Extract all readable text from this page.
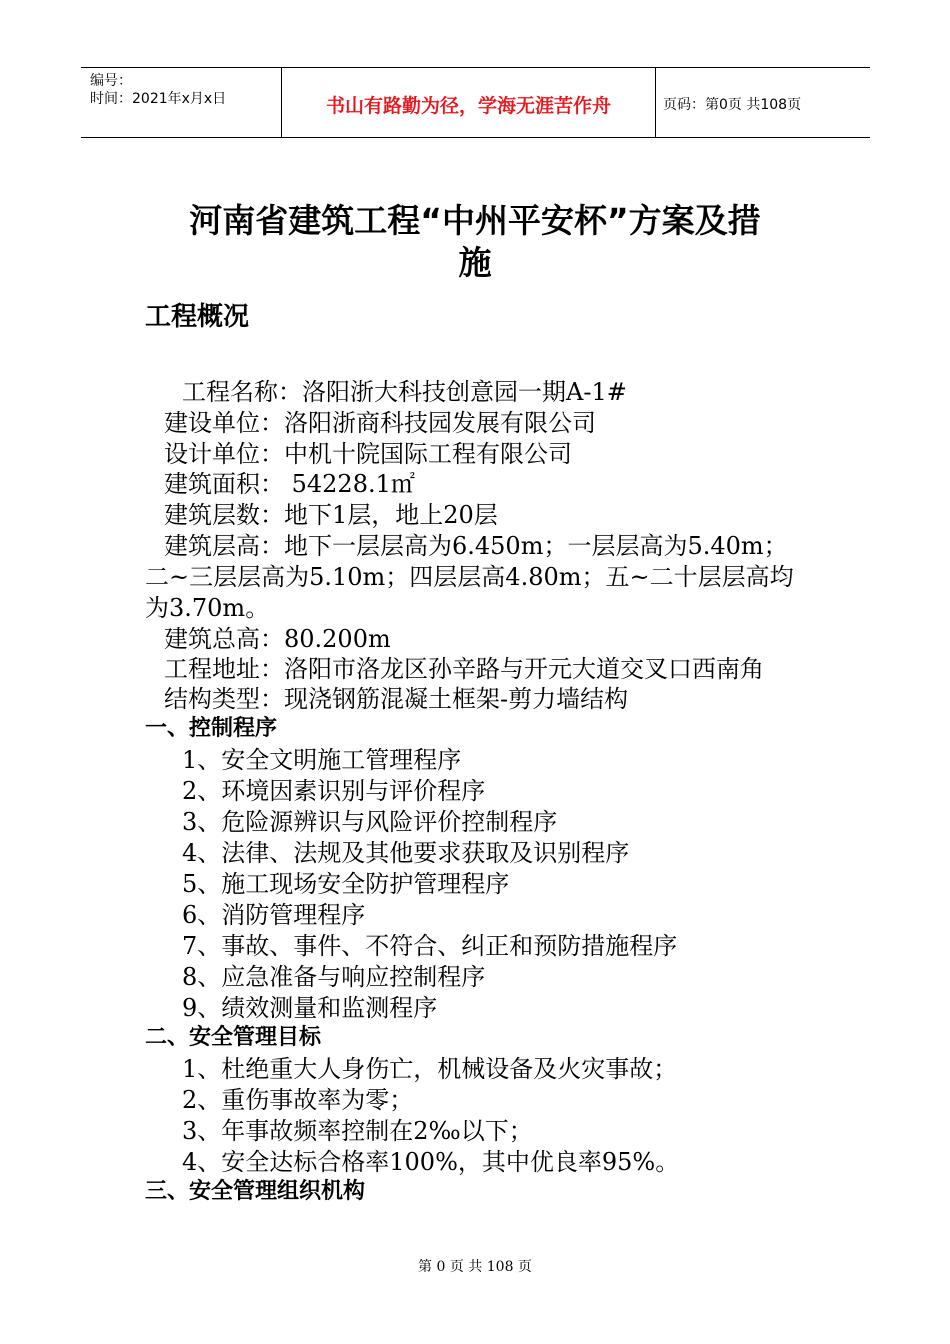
编号：
时间：2021年x月x日	书山有路勤为径，学海无涯苦作舟	页码：第0页 共108页
河南省建筑工程“中州平安杯”方案及措
施
工程概况
工程名称：洛阳浙大科技创意园一期A-1#
建设单位：洛阳浙商科技园发展有限公司
设计单位：中机十院国际工程有限公司
建筑面积： 54228.1㎡
建筑层数：地下1层，地上20层
建筑层高：地下一层层高为6.450m；一层层高为5.40m；
二~三层层高为5.10m；四层层高4.80m；五~二十层层高均
为3.70m。
建筑总高：80.200m
工程地址：洛阳市洛龙区孙辛路与开元大道交叉口西南角
结构类型：现浇钢筋混凝土框架-剪力墙结构
一、控制程序
1、安全文明施工管理程序
2、环境因素识别与评价程序
3、危险源辨识与风险评价控制程序
4、法律、法规及其他要求获取及识别程序
5、施工现场安全防护管理程序
6、消防管理程序
7、事故、事件、不符合、纠正和预防措施程序
8、应急准备与响应控制程序
9、绩效测量和监测程序
二、安全管理目标
1、杜绝重大人身伤亡，机械设备及火灾事故；
2、重伤事故率为零；
3、年事故频率控制在2‰以下；
4、安全达标合格率100%，其中优良率95%。
三、安全管理组织机构
第 0 页 共 108 页
